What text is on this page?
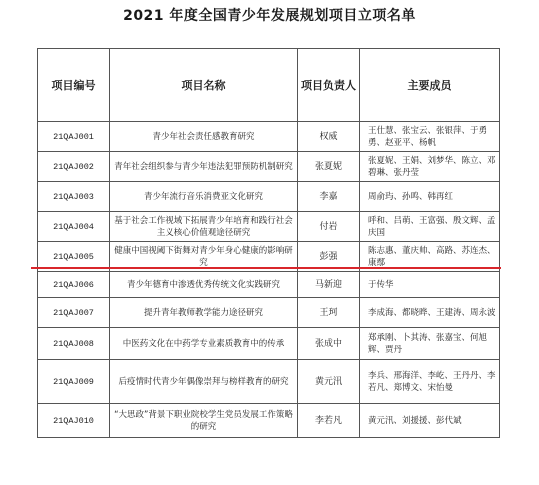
2021 年度全国青少年发展规划项目立项名单
项目编号	项目名称	项目负责人	主要成员
21QAJ001	青少年社会责任感教育研究	权威	王仕慧、张宝云、张银萍、于勇勇、赵亚平、杨帆
21QAJ002	青年社会组织参与青少年违法犯罪预防机制研究	张夏妮	张夏妮、王娟、刘梦华、陈立、邓碧琳、张丹莹
21QAJ003	青少年流行音乐消费亚文化研究	李嘉	周俞玙、孙鸣、韩再红
21QAJ004	基于社会工作视域下拓展青少年培育和践行社会主义核心价值观途径研究	付岩	呼和、吕萌、王富强、殷文辉、孟庆国
21QAJ005	健康中国视阈下街舞对青少年身心健康的影响研究	彭强	陈志惠、董庆帅、高路、苏连杰、康鄢
21QAJ006	青少年德育中渗透优秀传统文化实践研究	马新迎	于传华
21QAJ007	提升青年教师教学能力途径研究	王珂	李成海、都晓晔、王建涛、周永波
21QAJ008	中医药文化在中药学专业素质教育中的传承	张成中	郑承刚、卜其涛、张嘉宝、何旭辉、贾丹
21QAJ009	后疫情时代青少年偶像崇拜与榜样教育的研究	黄元汛	李兵、邢海洋、李屹、王丹丹、李若凡、郑博文、宋怡曼
21QAJ010	“大思政”背景下职业院校学生党员发展工作策略的研究	李若凡	黄元汛、刘援援、彭代斌
